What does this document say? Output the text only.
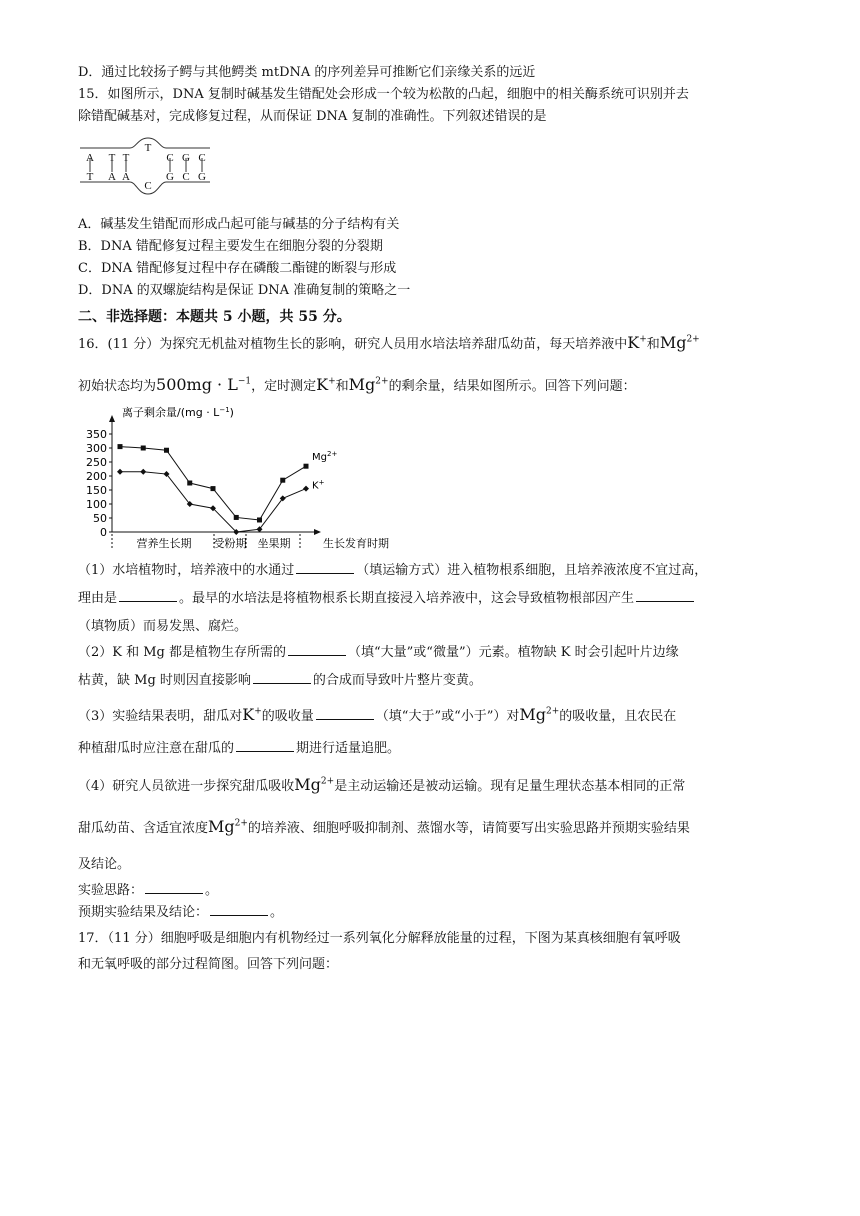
D．通过比较扬子鳄与其他鳄类 mtDNA 的序列差异可推断它们亲缘关系的远近

15．如图所示，DNA 复制时碱基发生错配处会形成一个较为松散的凸起，细胞中的相关酶系统可识别并去

除错配碱基对，完成修复过程，从而保证 DNA 复制的准确性。下列叙述错误的是

A T T
T
C G C
T A A
C
G C G

A．碱基发生错配而形成凸起可能与碱基的分子结构有关

B．DNA 错配修复过程主要发生在细胞分裂的分裂期

C．DNA 错配修复过程中存在磷酸二酯键的断裂与形成

D．DNA 的双螺旋结构是保证 DNA 准确复制的策略之一

二、非选择题：本题共 5 小题，共 55 分。

16．(11 分）为探究无机盐对植物生长的影响，研究人员用水培法培养甜瓜幼苗，每天培养液中K+和$Mg^{2+}$

初始状态均为$500mg \cdot L^{-1}$，定时测定K+和$Mg^{2+}$的剩余量，结果如图所示。回答下列问题：

离子剩余量$/(mg \cdot L^{-1})$
350
300
250
200
150
100
50
0
营养生长期 受粉期 坐果期	生长发育时期
$Mg^{2+}$
K+

（1）水培植物时，培养液中的水通过	（填运输方式）进入植物根系细胞，且培养液浓度不宜过高，

理由是	。最早的水培法是将植物根系长期直接浸入培养液中，这会导致植物根部因产生

（填物质）而易发黑、腐烂。

（2）K 和 Mg 都是植物生存所需的	（填“大量”或“微量”）元素。植物缺 K 时会引起叶片边缘

枯黄，缺 Mg 时则因直接影响	的合成而导致叶片整片变黄。

（3）实验结果表明，甜瓜对K+的吸收量	（填“大于”或“小于”）对$Mg^{2+}$的吸收量，且农民在

种植甜瓜时应注意在甜瓜的	期进行适量追肥。

（4）研究人员欲进一步探究甜瓜吸收$Mg^{2+}$是主动运输还是被动运输。现有足量生理状态基本相同的正常

甜瓜幼苗、含适宜浓度$Mg^{2+}$的培养液、细胞呼吸抑制剂、蒸馏水等，请简要写出实验思路并预期实验结果

及结论。

实验思路：	。

预期实验结果及结论：	。

17．（11 分）细胞呼吸是细胞内有机物经过一系列氧化分解释放能量的过程，下图为某真核细胞有氧呼吸

和无氧呼吸的部分过程简图。回答下列问题：
